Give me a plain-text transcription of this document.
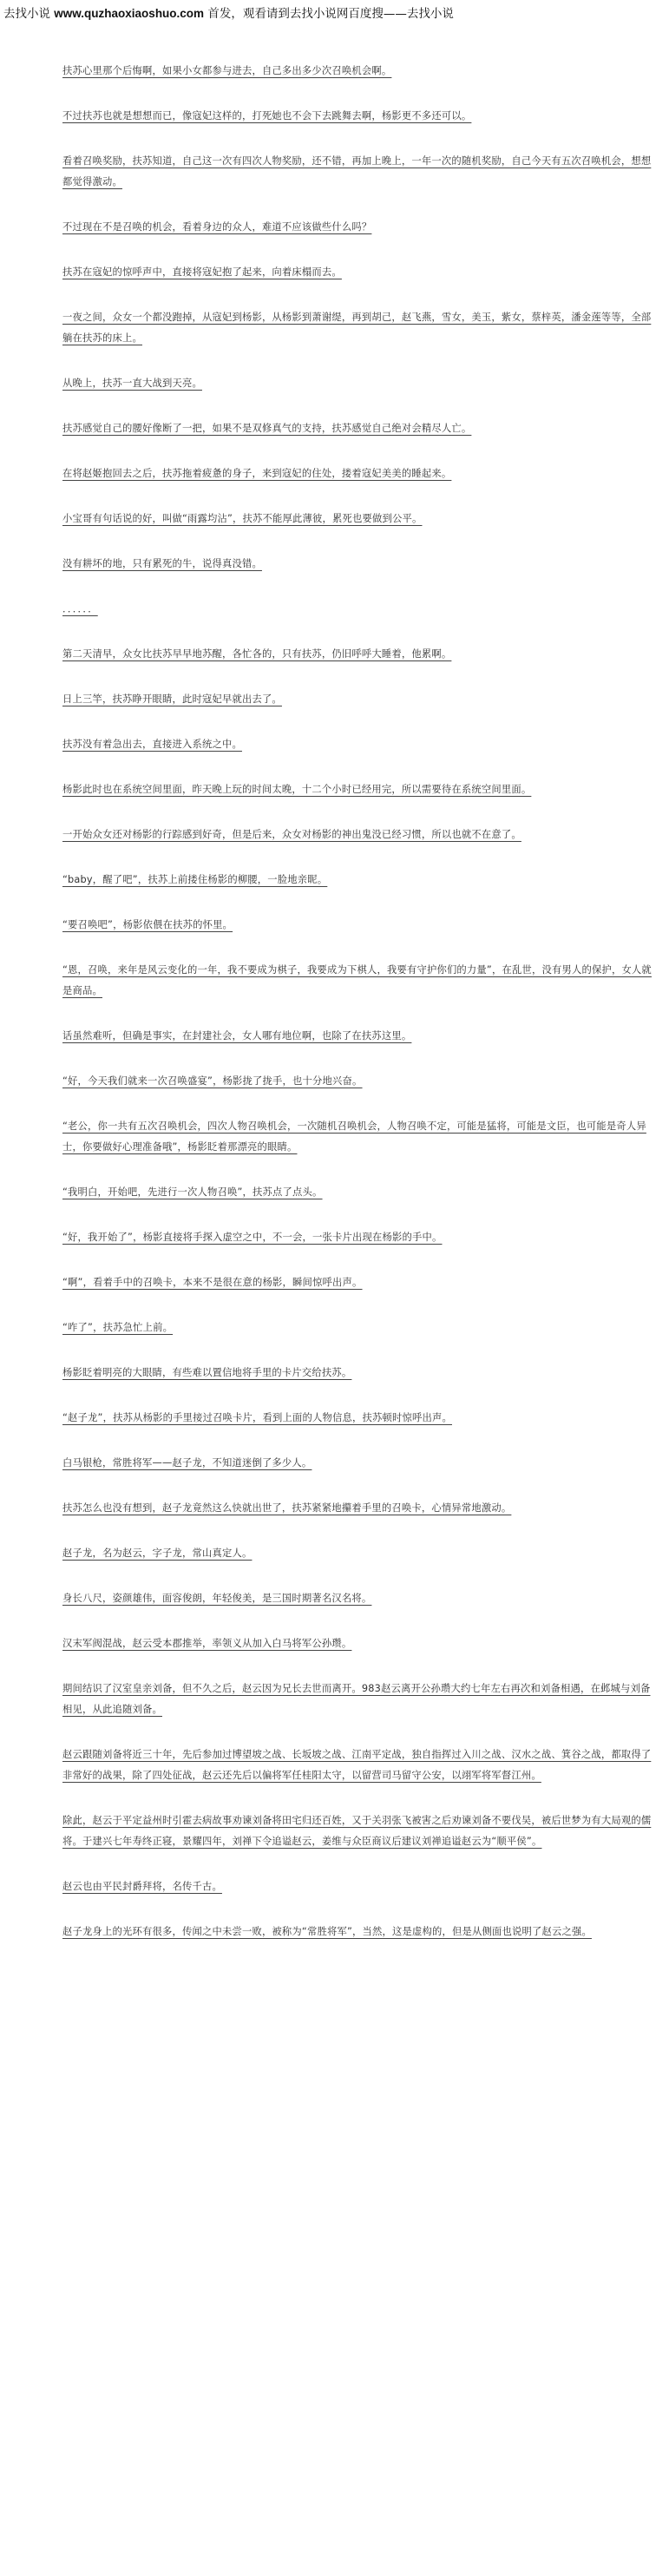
去找小说 www.quzhaoxiaoshuo.com 首发，观看请到去找小说网百度搜——去找小说

扶苏心里那个后悔啊，如果小女都参与进去，自己多出多少次召唤机会啊。

不过扶苏也就是想想而已，像寇妃这样的，打死她也不会下去跳舞去啊，杨影更不多还可以。

看着召唤奖励，扶苏知道，自己这一次有四次人物奖励，还不错，再加上晚上，一年一次的随机奖励，自己今天有五次召唤机会，想想都觉得激动。

不过现在不是召唤的机会，看着身边的众人，难道不应该做些什么吗？

扶苏在寇妃的惊呼声中，直接将寇妃抱了起来，向着床榻而去。

一夜之间，众女一个都没跑掉，从寇妃到杨影，从杨影到萧谢缇，再到胡己，赵飞燕，雪女，美玉，紫女，蔡梓英，潘金莲等等，全部躺在扶苏的床上。

从晚上，扶苏一直大战到天亮。

扶苏感觉自己的腰好像断了一把，如果不是双修真气的支持，扶苏感觉自己绝对会精尽人亡。

在将赵姬抱回去之后，扶苏拖着疲惫的身子，来到寇妃的住处，搂着寇妃美美的睡起来。

小宝哥有句话说的好，叫做“雨露均沾”，扶苏不能厚此薄彼，累死也要做到公平。

没有耕坏的地，只有累死的牛，说得真没错。

．．．．．．

第二天清早，众女比扶苏早早地苏醒，各忙各的，只有扶苏，仍旧呼呼大睡着，他累啊。

日上三竿，扶苏睁开眼睛，此时寇妃早就出去了。

扶苏没有着急出去，直接进入系统之中。

杨影此时也在系统空间里面，昨天晚上玩的时间太晚，十二个小时已经用完，所以需要待在系统空间里面。

一开始众女还对杨影的行踪感到好奇，但是后来，众女对杨影的神出鬼没已经习惯，所以也就不在意了。

“baby，醒了吧”，扶苏上前搂住杨影的柳腰，一脸地亲昵。

“要召唤吧”，杨影依偎在扶苏的怀里。

“恩，召唤，来年是风云变化的一年，我不要成为棋子，我要成为下棋人，我要有守护你们的力量”，在乱世，没有男人的保护，女人就是商品。

话虽然难听，但确是事实，在封建社会，女人哪有地位啊，也除了在扶苏这里。

“好，今天我们就来一次召唤盛宴”，杨影拢了拢手，也十分地兴奋。

“老公，你一共有五次召唤机会，四次人物召唤机会，一次随机召唤机会，人物召唤不定，可能是猛将，可能是文臣，也可能是奇人异士，你要做好心理准备哦”，杨影眨着那漂亮的眼睛。

“我明白，开始吧，先进行一次人物召唤”，扶苏点了点头。

“好，我开始了”，杨影直接将手探入虚空之中，不一会，一张卡片出现在杨影的手中。

“啊”，看着手中的召唤卡，本来不是很在意的杨影，瞬间惊呼出声。

“咋了”，扶苏急忙上前。

杨影眨着明亮的大眼睛，有些难以置信地将手里的卡片交给扶苏。

“赵子龙”，扶苏从杨影的手里接过召唤卡片，看到上面的人物信息，扶苏顿时惊呼出声。

白马银枪，常胜将军——赵子龙，不知道迷倒了多少人。

扶苏怎么也没有想到，赵子龙竟然这么快就出世了，扶苏紧紧地攥着手里的召唤卡，心情异常地激动。

赵子龙，名为赵云，字子龙，常山真定人。

身长八尺，姿颜雄伟，面容俊朗，年轻俊美，是三国时期著名汉名将。

汉末军阀混战，赵云受本郡推举，率领义从加入白马将军公孙瓒。

期间结识了汉室皇亲刘备，但不久之后，赵云因为兄长去世而离开。983赵云离开公孙瓒大约七年左右再次和刘备相遇，在邺城与刘备相见，从此追随刘备。

赵云跟随刘备将近三十年，先后参加过博望坡之战、长坂坡之战、江南平定战，独自指挥过入川之战、汉水之战、箕谷之战，都取得了非常好的战果，除了四处征战，赵云还先后以偏将军任桂阳太守，以留营司马留守公安，以翊军将军督江州。

除此，赵云于平定益州时引霍去病故事劝谏刘备将田宅归还百姓，又于关羽张飞被害之后劝谏刘备不要伐吴，被后世梦为有大局观的儒将。于建兴七年寿终正寝，景耀四年，刘禅下令追谥赵云，姜维与众臣商议后建议刘禅追谥赵云为“顺平侯”。

赵云也由平民封爵拜将，名传千古。

赵子龙身上的光环有很多，传闻之中未尝一败，被称为“常胜将军”，当然，这是虚构的，但是从侧面也说明了赵云之强。
